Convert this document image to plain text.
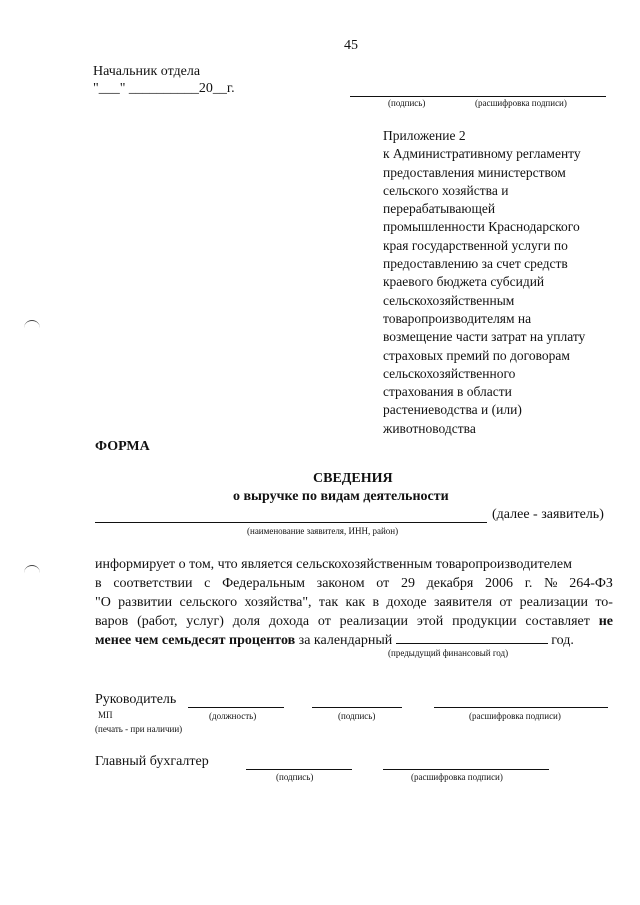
45
Начальник отдела
"___" __________20__г.
(подпись)	(расшифровка подписи)
Приложение 2
к Административному регламенту
предоставления министерством
сельского хозяйства и
перерабатывающей
промышленности Краснодарского
края государственной услуги по
предоставлению за счет средств
краевого бюджета субсидий
сельскохозяйственным
товаропроизводителям на
возмещение части затрат на уплату
страховых премий по договорам
сельскохозяйственного
страхования в области
растениеводства и (или)
животноводства
ФОРМА
СВЕДЕНИЯ
о выручке по видам деятельности
(далее - заявитель)
(наименование заявителя, ИНН, район)
информирует о том, что является сельскохозяйственным товаропроизводителем
в соответствии с Федеральным законом от 29 декабря 2006 г. № 264-ФЗ
"О развитии сельского хозяйства", так как в доходе заявителя от реализации то-
варов (работ, услуг) доля дохода от реализации этой продукции составляет не
менее чем семьдесят процентов за календарный	год.
(предыдущий финансовый год)
Руководитель
МП	(должность)	(подпись)	(расшифровка подписи)
(печать - при наличии)
Главный бухгалтер
(подпись)	(расшифровка подписи)
